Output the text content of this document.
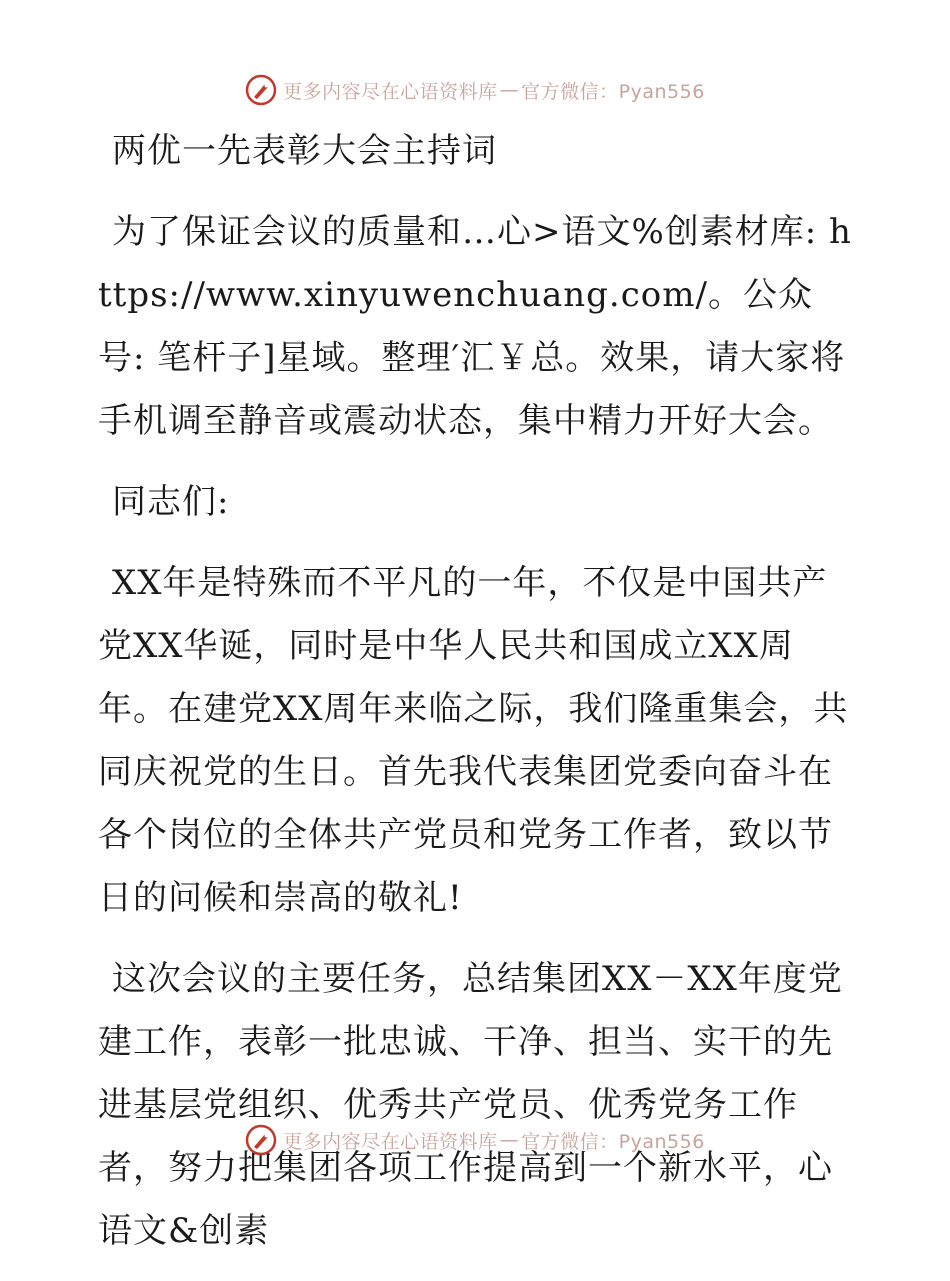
更多内容尽在心语资料库 — 官方微信：Pyan556

两优一先表彰大会主持词

为了保证会议的质量和…心>语文%创素材库: https://www.xinyuwenchuang.com/。公众号: 笔杆子]星域。整理′汇￥总。效果，请大家将手机调至静音或震动状态，集中精力开好大会。

同志们:

XX年是特殊而不平凡的一年，不仅是中国共产党XX华诞，同时是中华人民共和国成立XX周年。在建党XX周年来临之际，我们隆重集会，共同庆祝党的生日。首先我代表集团党委向奋斗在各个岗位的全体共产党员和党务工作者，致以节日的问候和崇高的敬礼!

这次会议的主要任务，总结集团XX－XX年度党建工作，表彰一批忠诚、干净、担当、实干的先进基层党组织、优秀共产党员、优秀党务工作者，努力把集团各项工作提高到一个新水平，心语文&创素

更多内容尽在心语资料库 — 官方微信：Pyan556
